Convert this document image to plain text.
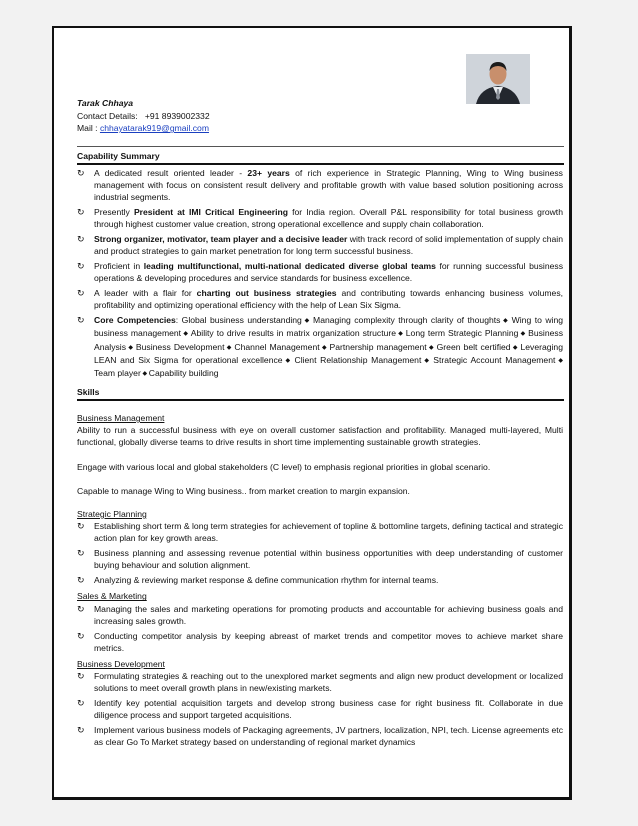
Tarak Chhaya
Contact Details: +91 8939002332
Mail : chhayatarak919@gmail.com
Capability Summary
↻ A dedicated result oriented leader - 23+ years of rich experience in Strategic Planning, Wing to Wing business management with focus on consistent result delivery and profitable growth with value based solution positioning across industrial segments.
↻ Presently President at IMI Critical Engineering for India region. Overall P&L responsibility for total business growth through highest customer value creation, strong operational excellence and supply chain collaboration.
↻ Strong organizer, motivator, team player and a decisive leader with track record of solid implementation of supply chain and product strategies to gain market penetration for long term successful business.
↻ Proficient in leading multifunctional, multi-national dedicated diverse global teams for running successful business operations & developing procedures and service standards for business excellence.
↻ A leader with a flair for charting out business strategies and contributing towards enhancing business volumes, profitability and optimizing operational efficiency with the help of Lean Six Sigma.
↻ Core Competencies: Global business understanding ◆ Managing complexity through clarity of thoughts ◆ Wing to wing business management ◆ Ability to drive results in matrix organization structure ◆ Long term Strategic Planning ◆ Business Analysis ◆ Business Development ◆ Channel Management ◆ Partnership management ◆ Green belt certified ◆ Leveraging LEAN and Six Sigma for operational excellence ◆ Client Relationship Management ◆ Strategic Account Management ◆ Team player ◆ Capability building
Skills
Business Management

Ability to run a successful business with eye on overall customer satisfaction and profitability. Managed multi-layered, Multi functional, globally diverse teams to drive results in short time implementing sustainable growth strategies.

Engage with various local and global stakeholders (C level) to emphasis regional priorities in global scenario.

Capable to manage Wing to Wing business.. from market creation to margin expansion.

Strategic Planning
↻ Establishing short term & long term strategies for achievement of topline & bottomline targets, defining tactical and strategic action plan for key growth areas.
↻ Business planning and assessing revenue potential within business opportunities with deep understanding of customer buying behaviour and solution alignment.
↻ Analyzing & reviewing market response & define communication rhythm for internal teams.
Sales & Marketing
↻ Managing the sales and marketing operations for promoting products and accountable for achieving business goals and increasing sales growth.
↻ Conducting competitor analysis by keeping abreast of market trends and competitor moves to achieve market share metrics.
Business Development
↻ Formulating strategies & reaching out to the unexplored market segments and align new product development or localized solutions to meet overall growth plans in new/existing markets.
↻ Identify key potential acquisition targets and develop strong business case for right business fit. Collaborate in due diligence process and support targeted acquisitions.
↻ Implement various business models of Packaging agreements, JV partners, localization, NPI, tech. License agreements etc as clear Go To Market strategy based on understanding of regional market dynamics
